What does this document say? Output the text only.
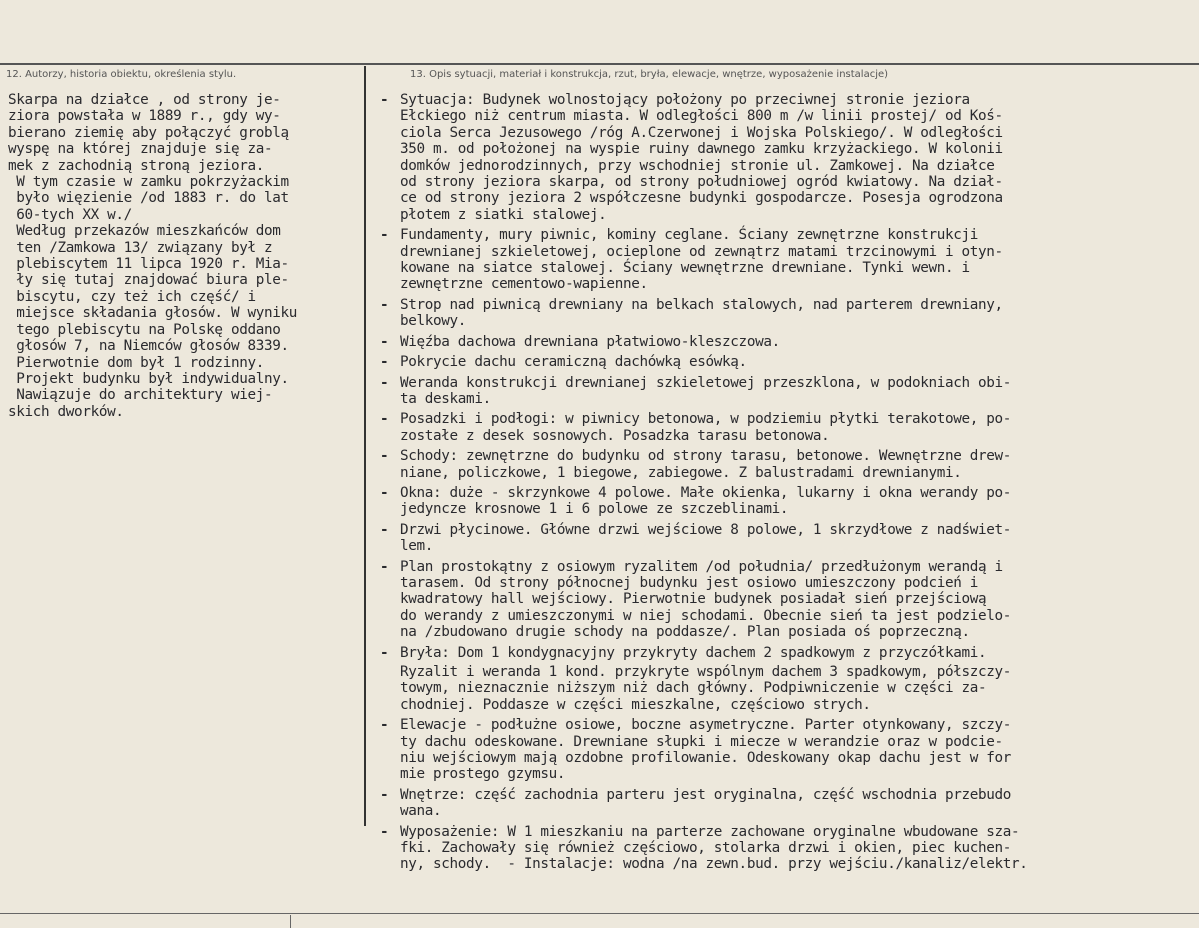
12. Autorzy, historia obiektu, określenia stylu.	13. Opis sytuacji, materiał i konstrukcja, rzut, bryła, elewacje, wnętrze, wyposażenie instalacje)
Skarpa na działce , od strony je-
ziora powstała w 1889 r., gdy wy-
bierano ziemię aby połączyć groblą
wyspę na której znajduje się za-
mek z zachodnią stroną jeziora.
W tym czasie w zamku pokrzyżackim
było więzienie /od 1883 r. do lat
60-tych XX w./
Według przekazów mieszkańców dom
ten /Zamkowa 13/ związany był z
plebiscytem 11 lipca 1920 r. Mia-
ły się tutaj znajdować biura ple-
biscytu, czy też ich część/ i
miejsce składania głosów. W wyniku
tego plebiscytu na Polskę oddano
głosów 7, na Niemców głosów 8339.
Pierwotnie dom był 1 rodzinny.
Projekt budynku był indywidualny.
Nawiązuje do architektury wiej-
skich dworków.
- Sytuacja: Budynek wolnostojący położony po przeciwnej stronie jeziora
Ełckiego niż centrum miasta. W odległości 800 m /w linii prostej/ od Koś-
ciola Serca Jezusowego /róg A.Czerwonej i Wojska Polskiego/. W odległości
350 m. od położonej na wyspie ruiny dawnego zamku krzyżackiego. W kolonii
domków jednorodzinnych, przy wschodniej stronie ul. Zamkowej. Na działce
od strony jeziora skarpa, od strony południowej ogród kwiatowy. Na dział-
ce od strony jeziora 2 współczesne budynki gospodarcze. Posesja ogrodzona
płotem z siatki stalowej.
- Fundamenty, mury piwnic, kominy ceglane. Ściany zewnętrzne konstrukcji
drewnianej szkieletowej, ocieplone od zewnątrz matami trzcinowymi i otyn-
kowane na siatce stalowej. Ściany wewnętrzne drewniane. Tynki wewn. i
zewnętrzne cementowo-wapienne.
- Strop nad piwnicą drewniany na belkach stalowych, nad parterem drewniany,
belkowy.
- Więźba dachowa drewniana płatwiowo-kleszczowa.
- Pokrycie dachu ceramiczną dachówką esówką.
- Weranda konstrukcji drewnianej szkieletowej przeszklona, w podokniach obi-
ta deskami.
- Posadzki i podłogi: w piwnicy betonowa, w podziemiu płytki terakotowe, po-
zostałe z desek sosnowych. Posadzka tarasu betonowa.
- Schody: zewnętrzne do budynku od strony tarasu, betonowe. Wewnętrzne drew-
niane, policzkowe, 1 biegowe, zabiegowe. Z balustradami drewnianymi.
- Okna: duże - skrzynkowe 4 polowe. Małe okienka, lukarny i okna werandy po-
jedyncze krosnowe 1 i 6 polowe ze szczeblinami.
- Drzwi płycinowe. Główne drzwi wejściowe 8 polowe, 1 skrzydłowe z nadświet-
lem.
- Plan prostokątny z osiowym ryzalitem /od południa/ przedłużonym werandą i
tarasem. Od strony północnej budynku jest osiowo umieszczony podcień i
kwadratowy hall wejściowy. Pierwotnie budynek posiadał sień przejściową
do werandy z umieszczonymi w niej schodami. Obecnie sień ta jest podzielo-
na /zbudowano drugie schody na poddasze/. Plan posiada oś poprzeczną.
- Bryła: Dom 1 kondygnacyjny przykryty dachem 2 spadkowym z przyczółkami.
Ryzalit i weranda 1 kond. przykryte wspólnym dachem 3 spadkowym, półszczy-
towym, nieznacznie niższym niż dach główny. Podpiwniczenie w części za-
chodniej. Poddasze w części mieszkalne, częściowo strych.
- Elewacje - podłużne osiowe, boczne asymetryczne. Parter otynkowany, szczy-
ty dachu odeskowane. Drewniane słupki i miecze w werandzie oraz w podcie-
niu wejściowym mają ozdobne profilowanie. Odeskowany okap dachu jest w for
mie prostego gzymsu.
- Wnętrze: część zachodnia parteru jest oryginalna, część wschodnia przebudo
wana.
- Wyposażenie: W 1 mieszkaniu na parterze zachowane oryginalne wbudowane sza-
fki. Zachowały się również częściowo, stolarka drzwi i okien, piec kuchen-
ny, schody.  - Instalacje: wodna /na zewn.bud. przy wejściu./kanaliz/elektr.
